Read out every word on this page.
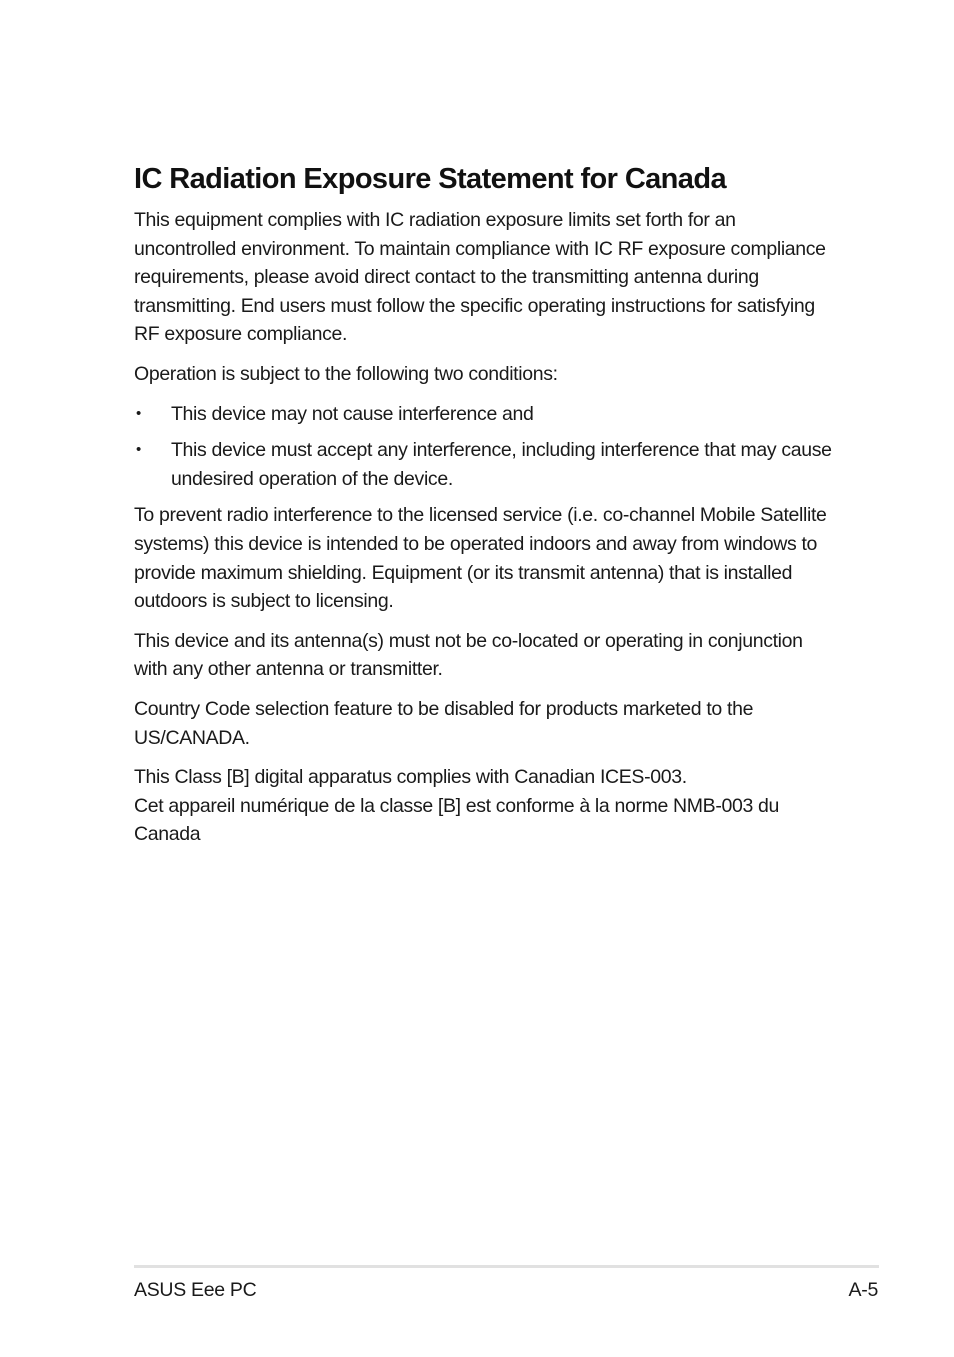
IC Radiation Exposure Statement for Canada

This equipment complies with IC radiation exposure limits set forth for an uncontrolled environment. To maintain compliance with IC RF exposure compliance requirements, please avoid direct contact to the transmitting antenna during transmitting. End users must follow the specific operating instructions for satisfying RF exposure compliance.

Operation is subject to the following two conditions:

• This device may not cause interference and
• This device must accept any interference, including interference that may cause undesired operation of the device.

To prevent radio interference to the licensed service (i.e. co-channel Mobile Satellite systems) this device is intended to be operated indoors and away from windows to provide maximum shielding. Equipment (or its transmit antenna) that is installed outdoors is subject to licensing.

This device and its antenna(s) must not be co-located or operating in conjunction with any other antenna or transmitter.

Country Code selection feature to be disabled for products marketed to the US/CANADA.

This Class [B] digital apparatus complies with Canadian ICES-003.
Cet appareil numérique de la classe [B] est conforme à la norme NMB-003 du Canada

ASUS Eee PC	A-5
